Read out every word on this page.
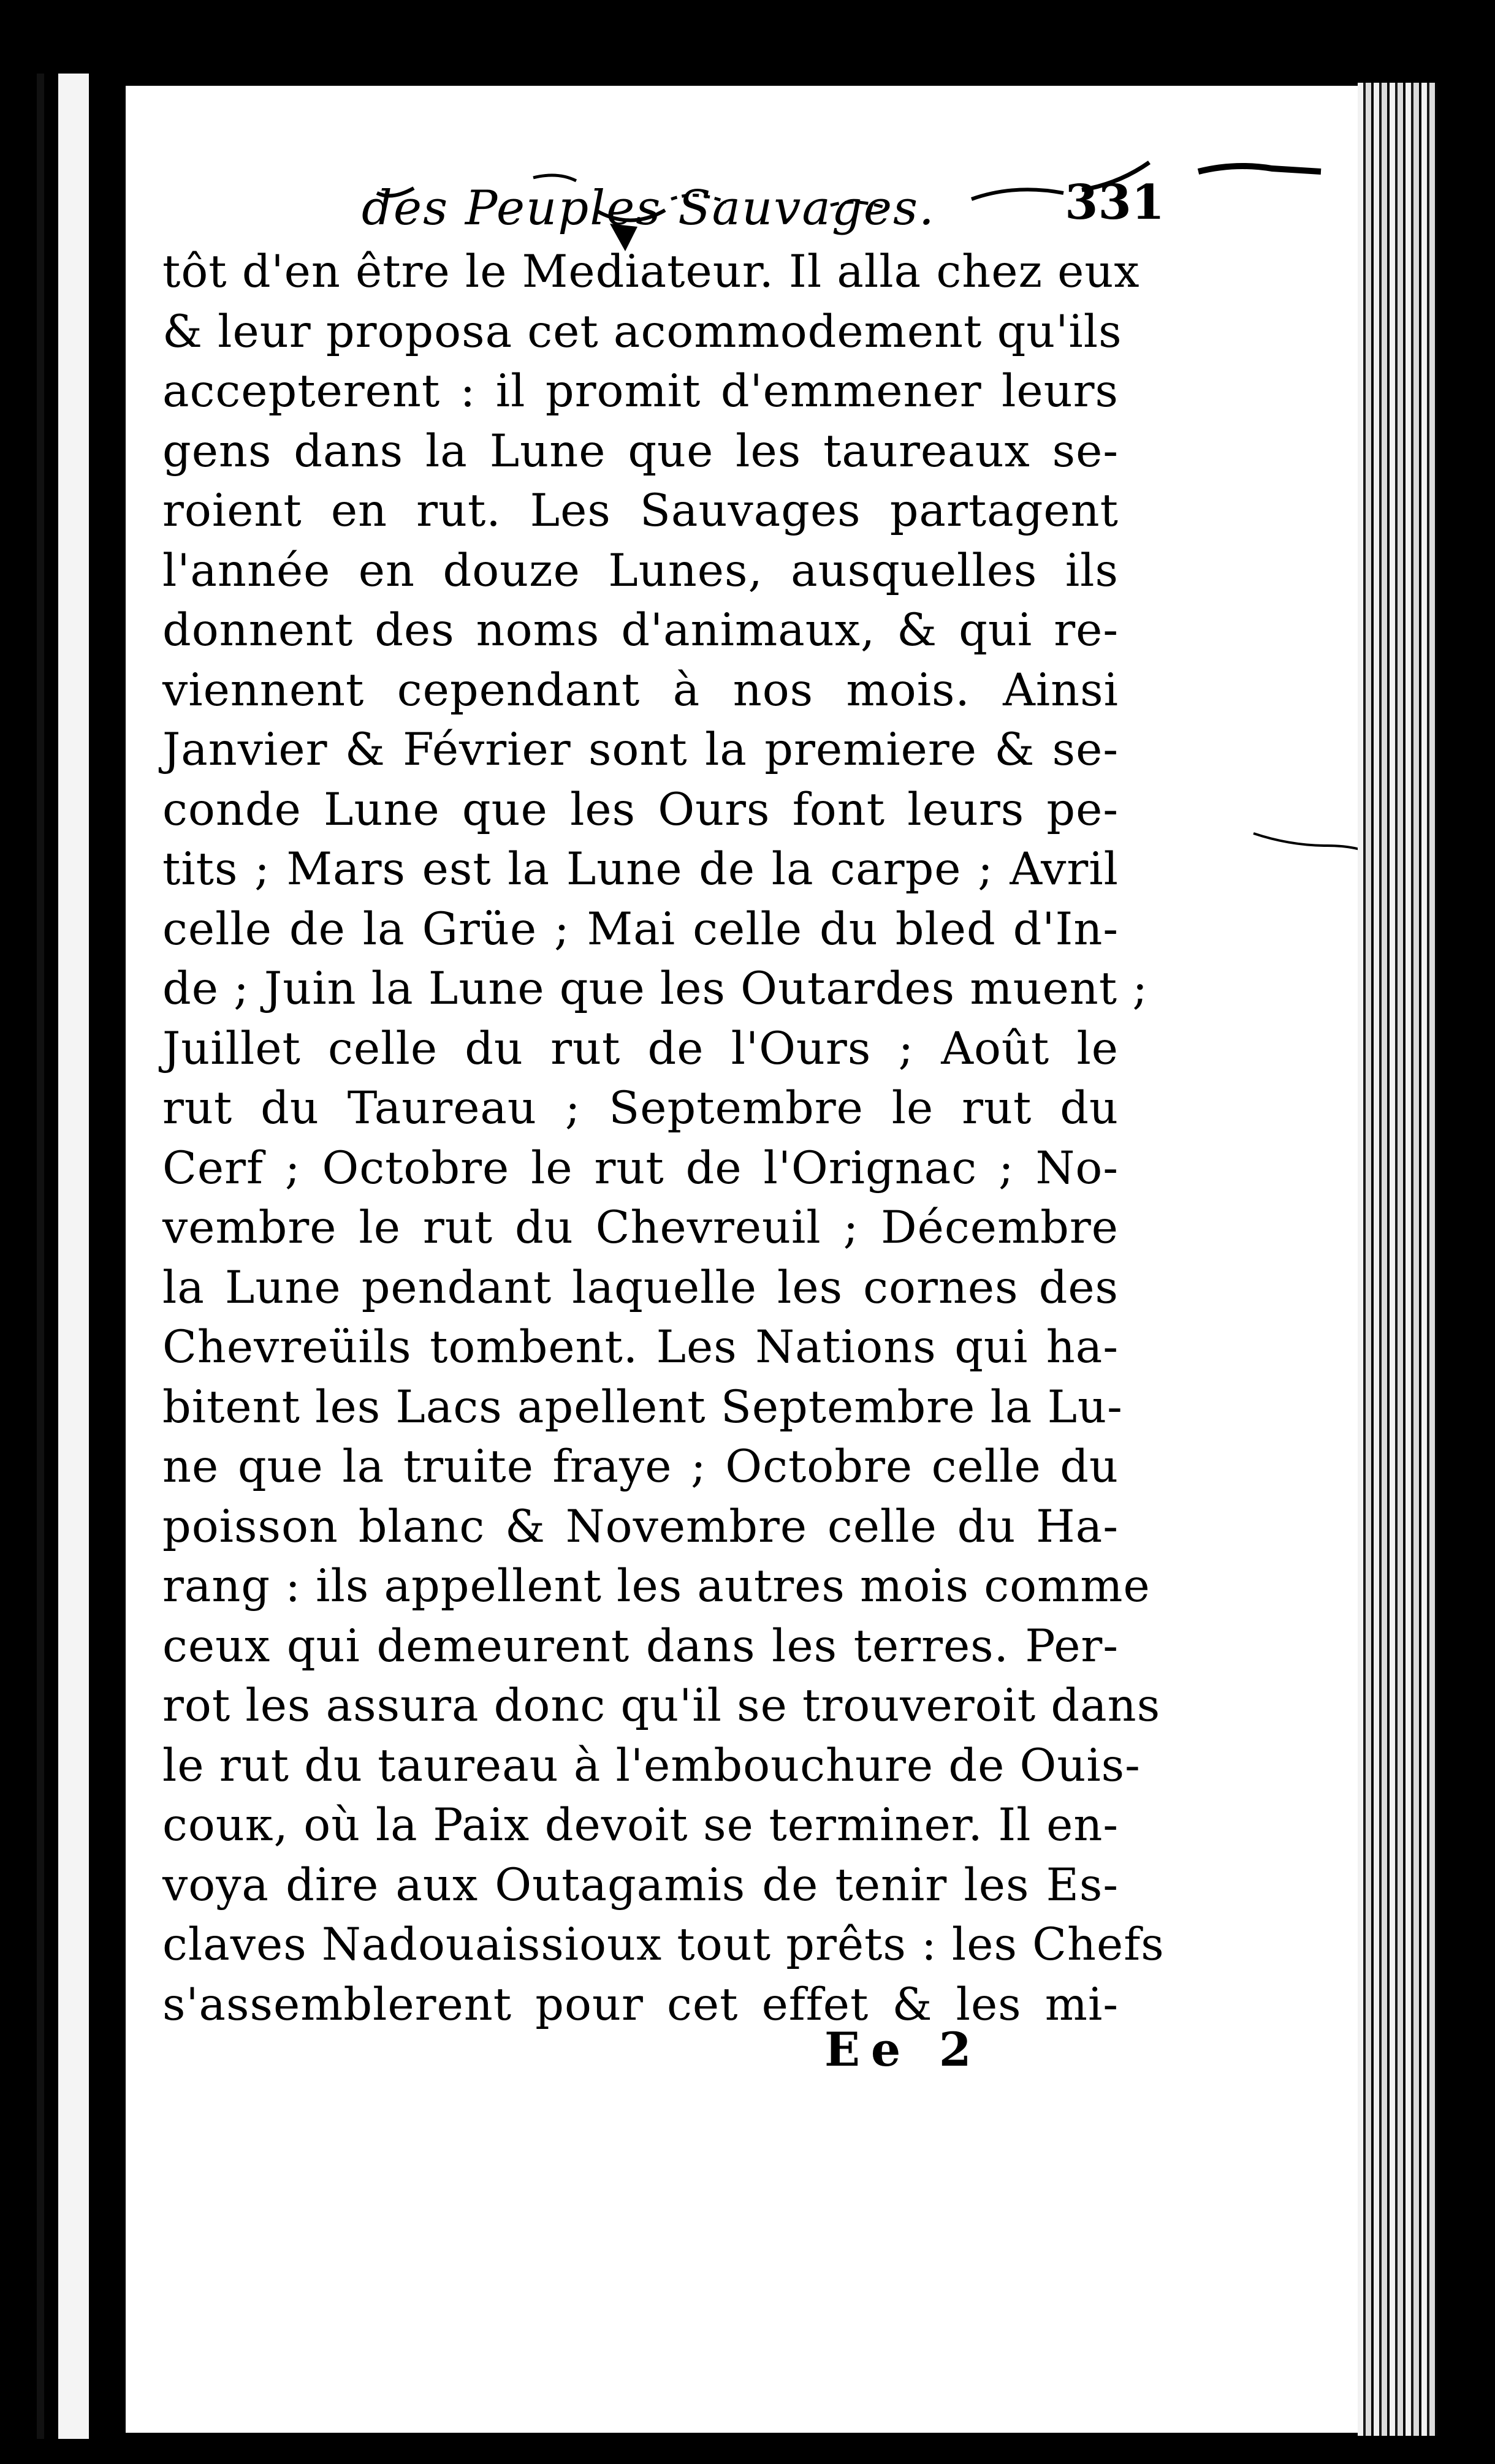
des Peuples Sauvages.	331
tôt d'en être le Mediateur. Il alla chez eux
& leur proposa cet acommodement qu'ils
accepterent : il promit d'emmener leurs
gens dans la Lune que les taureaux se-
roient en rut. Les Sauvages partagent
l'année en douze Lunes, ausquelles ils
donnent des noms d'animaux, & qui re-
viennent cependant à nos mois. Ainsi
Janvier & Février sont la premiere & se-
conde Lune que les Ours font leurs pe-
tits ; Mars est la Lune de la carpe ; Avril
celle de la Grüe ; Mai celle du bled d'In-
de ; Juin la Lune que les Outardes muent ;
Juillet celle du rut de l'Ours ; Août le
rut du Taureau ; Septembre le rut du
Cerf ; Octobre le rut de l'Orignac ; No-
vembre le rut du Chevreuil ; Décembre
la Lune pendant laquelle les cornes des
Chevreüils tombent. Les Nations qui ha-
bitent les Lacs apellent Septembre la Lu-
ne que la truite fraye ; Octobre celle du
poisson blanc & Novembre celle du Ha-
rang : ils appellent les autres mois comme
ceux qui demeurent dans les terres. Per-
rot les assura donc qu'il se trouveroit dans
le rut du taureau à l'embouchure de Ouis-
couк, où la Paix devoit se terminer. Il en-
voya dire aux Outagamis de tenir les Es-
claves Nadouaissioux tout prêts : les Chefs
s'assemblerent pour cet effet & les mi-
Ee 2
